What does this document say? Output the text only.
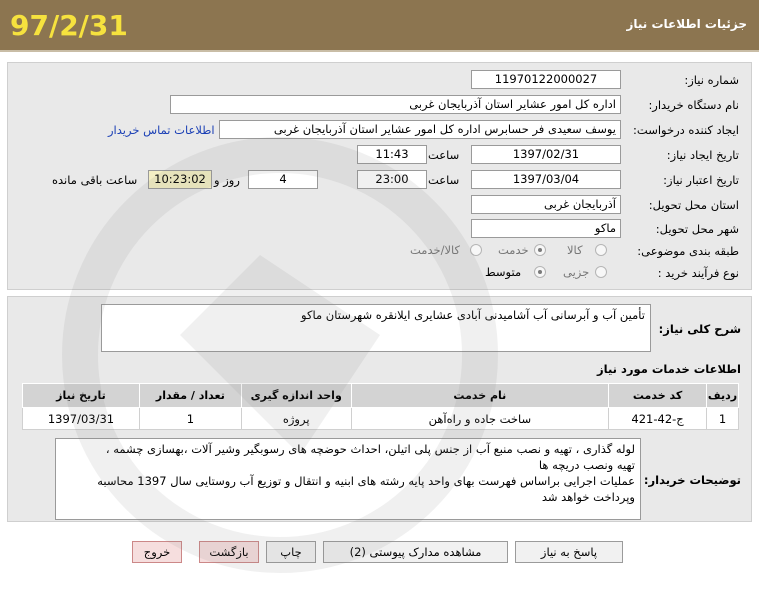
97/2/31	جزئیات اطلاعات نیاز
شماره نیاز:
11970122000027
نام دستگاه خریدار:
اداره کل امور عشایر استان آذربایجان غربی
ایجاد کننده درخواست:
یوسف سعیدی فر حسابرس اداره کل امور عشایر استان آذربایجان غربی
اطلاعات تماس خریدار
تاریخ ایجاد نیاز:
1397/02/31
ساعت
11:43
تاریخ اعتبار نیاز:
1397/03/04
ساعت
23:00
4
روز و
10:23:02
ساعت باقی مانده
استان محل تحویل:
آذربایجان غربی
شهر محل تحویل:
ماکو
طبقه بندی موضوعی:
کالا
خدمت
کالا/خدمت
نوع فرآیند خرید :
جزیی
متوسط
شرح کلی نیاز:
تأمین آب و آبرسانی آب آشامیدنی آبادی عشایری ایلانقره شهرستان ماکو
اطلاعات خدمات مورد نیاز
ردیف	کد خدمت	نام خدمت	واحد اندازه گیری	تعداد / مقدار	تاریخ نیاز
1	ج-42-421	ساخت جاده و راه‌آهن	پروژه	1	1397/03/31
توضیحات خریدار:
لوله گذاری ، تهیه و نصب منبع آب از جنس پلی اتیلن، احداث حوضچه های رسوبگیر وشیر آلات ،بهسازی چشمه ،
تهیه ونصب دریچه ها
عملیات اجرایی براساس فهرست بهای واحد پایه رشته های ابنیه و انتقال و توزیع آب روستایی سال 1397 محاسبه
وپرداخت خواهد شد
پاسخ به نیاز
مشاهده مدارک پیوستی (2)
چاپ
بازگشت
خروج
